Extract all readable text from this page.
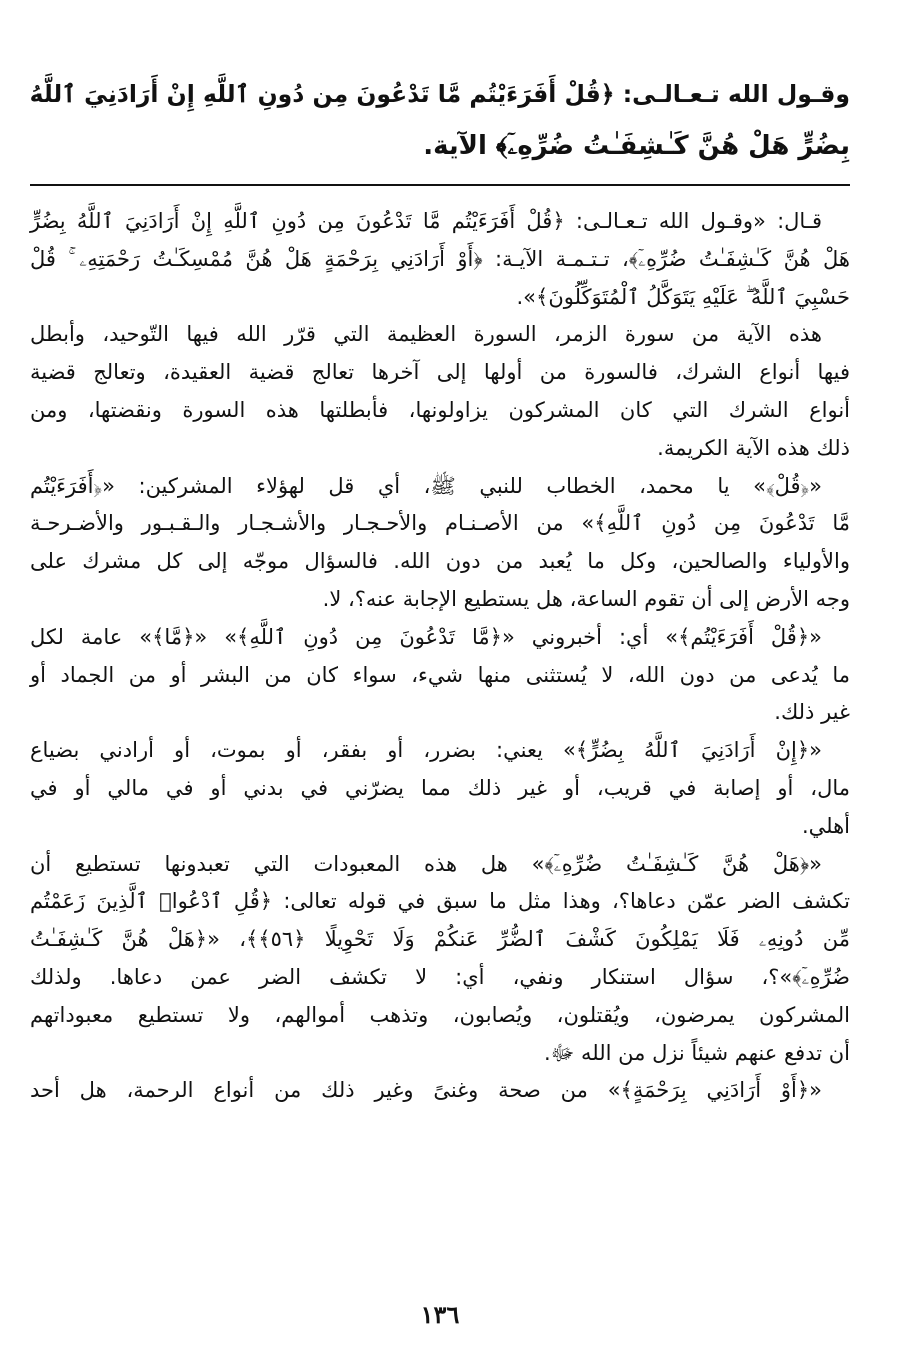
وقـول الله تـعـالـى: ﴿قُلْ أَفَرَءَيْتُم مَّا تَدْعُونَ مِن دُونِ ٱللَّهِ إِنْ أَرَادَنِيَ ٱللَّهُ
بِضُرٍّ هَلْ هُنَّ كَـٰشِفَـٰتُ ضُرِّهِۦٓ﴾ الآية.

قـال: «وقـول الله تـعـالـى: ﴿قُلْ أَفَرَءَيْتُم مَّا تَدْعُونَ مِن دُونِ ٱللَّهِ إِنْ أَرَادَنِيَ ٱللَّهُ بِضُرٍّ
هَلْ هُنَّ كَـٰشِفَـٰتُ ضُرِّهِۦٓ﴾، تـتـمـة الآيـة: ﴿أَوْ أَرَادَنِي بِرَحْمَةٍ هَلْ هُنَّ مُمْسِكَـٰتُ رَحْمَتِهِۦ ۚ قُلْ
حَسْبِيَ ٱللَّهُ ۖ عَلَيْهِ يَتَوَكَّلُ ٱلْمُتَوَكِّلُونَ﴾».

هذه الآية من سورة الزمر، السورة العظيمة التي قرّر الله فيها التّوحيد، وأبطل
فيها أنواع الشرك، فالسورة من أولها إلى آخرها تعالج قضية العقيدة، وتعالج قضية
أنواع الشرك التي كان المشركون يزاولونها، فأبطلتها هذه السورة ونقضتها، ومن
ذلك هذه الآية الكريمة.

«﴿قُلْ﴾» يا محمد، الخطاب للنبي ﷺ، أي قل لهؤلاء المشركين: «﴿أَفَرَءَيْتُم
مَّا تَدْعُونَ مِن دُونِ ٱللَّهِ﴾» من الأصـنـام والأحـجـار والأشـجـار والـقـبـور والأضـرحـة
والأولياء والصالحين، وكل ما يُعبد من دون الله. فالسؤال موجّه إلى كل مشرك على
وجه الأرض إلى أن تقوم الساعة، هل يستطيع الإجابة عنه؟، لا.

«﴿قُلْ أَفَرَءَيْتُم﴾» أي: أخبروني «﴿مَّا تَدْعُونَ مِن دُونِ ٱللَّهِ﴾» «﴿مَّا﴾» عامة لكل
ما يُدعى من دون الله، لا يُستثنى منها شيء، سواء كان من البشر أو من الجماد أو
غير ذلك.

«﴿إِنْ أَرَادَنِيَ ٱللَّهُ بِضُرٍّ﴾» يعني: بضرر، أو بفقر، أو بموت، أو أرادني بضياع
مال، أو إصابة في قريب، أو غير ذلك مما يضرّني في بدني أو في مالي أو في
أهلي.

«﴿هَلْ هُنَّ كَـٰشِفَـٰتُ ضُرِّهِۦٓ﴾» هل هذه المعبودات التي تعبدونها تستطيع أن
تكشف الضر عمّن دعاها؟، وهذا مثل ما سبق في قوله تعالى: ﴿قُلِ ٱدْعُوا۟ ٱلَّذِينَ زَعَمْتُم
مِّن دُونِهِۦ فَلَا يَمْلِكُونَ كَشْفَ ٱلضُّرِّ عَنكُمْ وَلَا تَحْوِيلًا ﴿٥٦﴾﴾، «﴿هَلْ هُنَّ كَـٰشِفَـٰتُ
ضُرِّهِۦٓ﴾»؟، سؤال استنكار ونفي، أي: لا تكشف الضر عمن دعاها. ولذلك
المشركون يمرضون، ويُقتلون، ويُصابون، وتذهب أموالهم، ولا تستطيع معبوداتهم
أن تدفع عنهم شيئاً نزل من الله ﷻ.

«﴿أَوْ أَرَادَنِي بِرَحْمَةٍ﴾» من صحة وغنىً وغير ذلك من أنواع الرحمة، هل أحد

١٣٦
